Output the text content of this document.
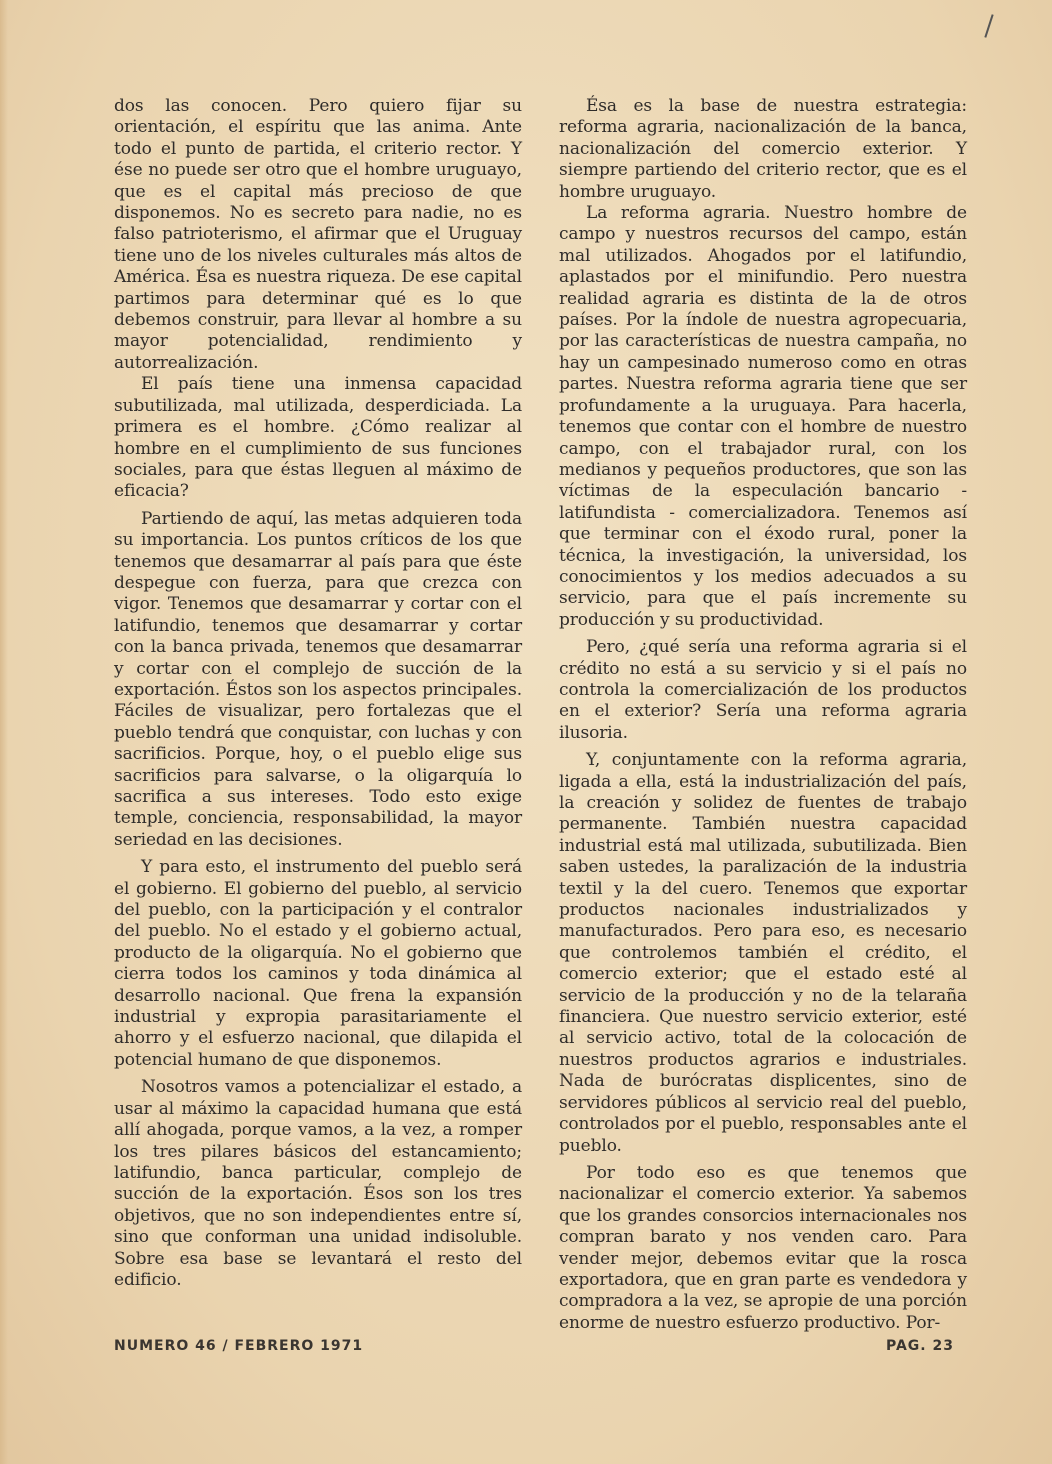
dos las conocen. Pero quiero fijar su orientación, el espíritu que las anima. Ante todo el punto de partida, el criterio rector. Y ése no puede ser otro que el hombre uruguayo, que es el capital más precioso de que disponemos. No es secreto para nadie, no es falso patrioterismo, el afirmar que el Uruguay tiene uno de los niveles culturales más altos de América. Ésa es nuestra riqueza. De ese capital partimos para determinar qué es lo que debemos construir, para llevar al hombre a su mayor potencialidad, rendimiento y autorrealización.

El país tiene una inmensa capacidad subutilizada, mal utilizada, desperdiciada. La primera es el hombre. ¿Cómo realizar al hombre en el cumplimiento de sus funciones sociales, para que éstas lleguen al máximo de eficacia?

Partiendo de aquí, las metas adquieren toda su importancia. Los puntos críticos de los que tenemos que desamarrar al país para que éste despegue con fuerza, para que crezca con vigor. Tenemos que desamarrar y cortar con el latifundio, tenemos que desamarrar y cortar con la banca privada, tenemos que desamarrar y cortar con el complejo de succión de la exportación. Éstos son los aspectos principales. Fáciles de visualizar, pero fortalezas que el pueblo tendrá que conquistar, con luchas y con sacrificios. Porque, hoy, o el pueblo elige sus sacrificios para salvarse, o la oligarquía lo sacrifica a sus intereses. Todo esto exige temple, conciencia, responsabilidad, la mayor seriedad en las decisiones.

Y para esto, el instrumento del pueblo será el gobierno. El gobierno del pueblo, al servicio del pueblo, con la participación y el contralor del pueblo. No el estado y el gobierno actual, producto de la oligarquía. No el gobierno que cierra todos los caminos y toda dinámica al desarrollo nacional. Que frena la expansión industrial y expropia parasitariamente el ahorro y el esfuerzo nacional, que dilapida el potencial humano de que disponemos.

Nosotros vamos a potencializar el estado, a usar al máximo la capacidad humana que está allí ahogada, porque vamos, a la vez, a romper los tres pilares básicos del estancamiento; latifundio, banca particular, complejo de succión de la exportación. Ésos son los tres objetivos, que no son independientes entre sí, sino que conforman una unidad indisoluble. Sobre esa base se levantará el resto del edificio.

Ésa es la base de nuestra estrategia: reforma agraria, nacionalización de la banca, nacionalización del comercio exterior. Y siempre partiendo del criterio rector, que es el hombre uruguayo.

La reforma agraria. Nuestro hombre de campo y nuestros recursos del campo, están mal utilizados. Ahogados por el latifundio, aplastados por el minifundio. Pero nuestra realidad agraria es distinta de la de otros países. Por la índole de nuestra agropecuaria, por las características de nuestra campaña, no hay un campesinado numeroso como en otras partes. Nuestra reforma agraria tiene que ser profundamente a la uruguaya. Para hacerla, tenemos que contar con el hombre de nuestro campo, con el trabajador rural, con los medianos y pequeños productores, que son las víctimas de la especulación bancario - latifundista - comercializadora. Tenemos así que terminar con el éxodo rural, poner la técnica, la investigación, la universidad, los conocimientos y los medios adecuados a su servicio, para que el país incremente su producción y su productividad.

Pero, ¿qué sería una reforma agraria si el crédito no está a su servicio y si el país no controla la comercialización de los productos en el exterior? Sería una reforma agraria ilusoria.

Y, conjuntamente con la reforma agraria, ligada a ella, está la industrialización del país, la creación y solidez de fuentes de trabajo permanente. También nuestra capacidad industrial está mal utilizada, subutilizada. Bien saben ustedes, la paralización de la industria textil y la del cuero. Tenemos que exportar productos nacionales industrializados y manufacturados. Pero para eso, es necesario que controlemos también el crédito, el comercio exterior; que el estado esté al servicio de la producción y no de la telaraña financiera. Que nuestro servicio exterior, esté al servicio activo, total de la colocación de nuestros productos agrarios e industriales. Nada de burócratas displicentes, sino de servidores públicos al servicio real del pueblo, controlados por el pueblo, responsables ante el pueblo.

Por todo eso es que tenemos que nacionalizar el comercio exterior. Ya sabemos que los grandes consorcios internacionales nos compran barato y nos venden caro. Para vender mejor, debemos evitar que la rosca exportadora, que en gran parte es vendedora y compradora a la vez, se apropie de una porción enorme de nuestro esfuerzo productivo. Por-

NUMERO 46 / FEBRERO 1971	PAG. 23
